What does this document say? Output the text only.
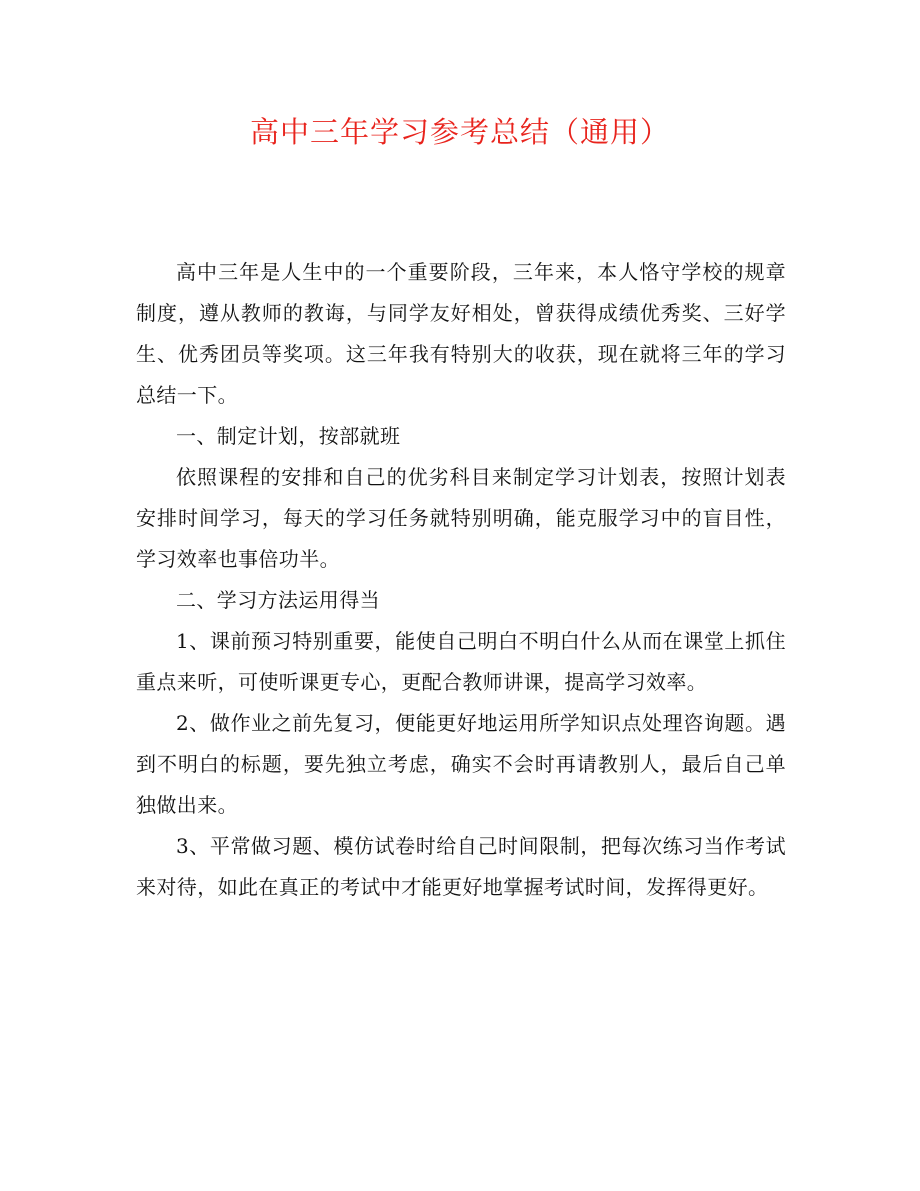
高中三年学习参考总结（通用）

高中三年是人生中的一个重要阶段，三年来，本人恪守学校的规章制度，遵从教师的教诲，与同学友好相处，曾获得成绩优秀奖、三好学生、优秀团员等奖项。这三年我有特别大的收获，现在就将三年的学习总结一下。

一、制定计划，按部就班

依照课程的安排和自己的优劣科目来制定学习计划表，按照计划表安排时间学习，每天的学习任务就特别明确，能克服学习中的盲目性，学习效率也事倍功半。

二、学习方法运用得当

1、课前预习特别重要，能使自己明白不明白什么从而在课堂上抓住重点来听，可使听课更专心，更配合教师讲课，提高学习效率。

2、做作业之前先复习，便能更好地运用所学知识点处理咨询题。遇到不明白的标题，要先独立考虑，确实不会时再请教别人，最后自己单独做出来。

3、平常做习题、模仿试卷时给自己时间限制，把每次练习当作考试来对待，如此在真正的考试中才能更好地掌握考试时间，发挥得更好。
